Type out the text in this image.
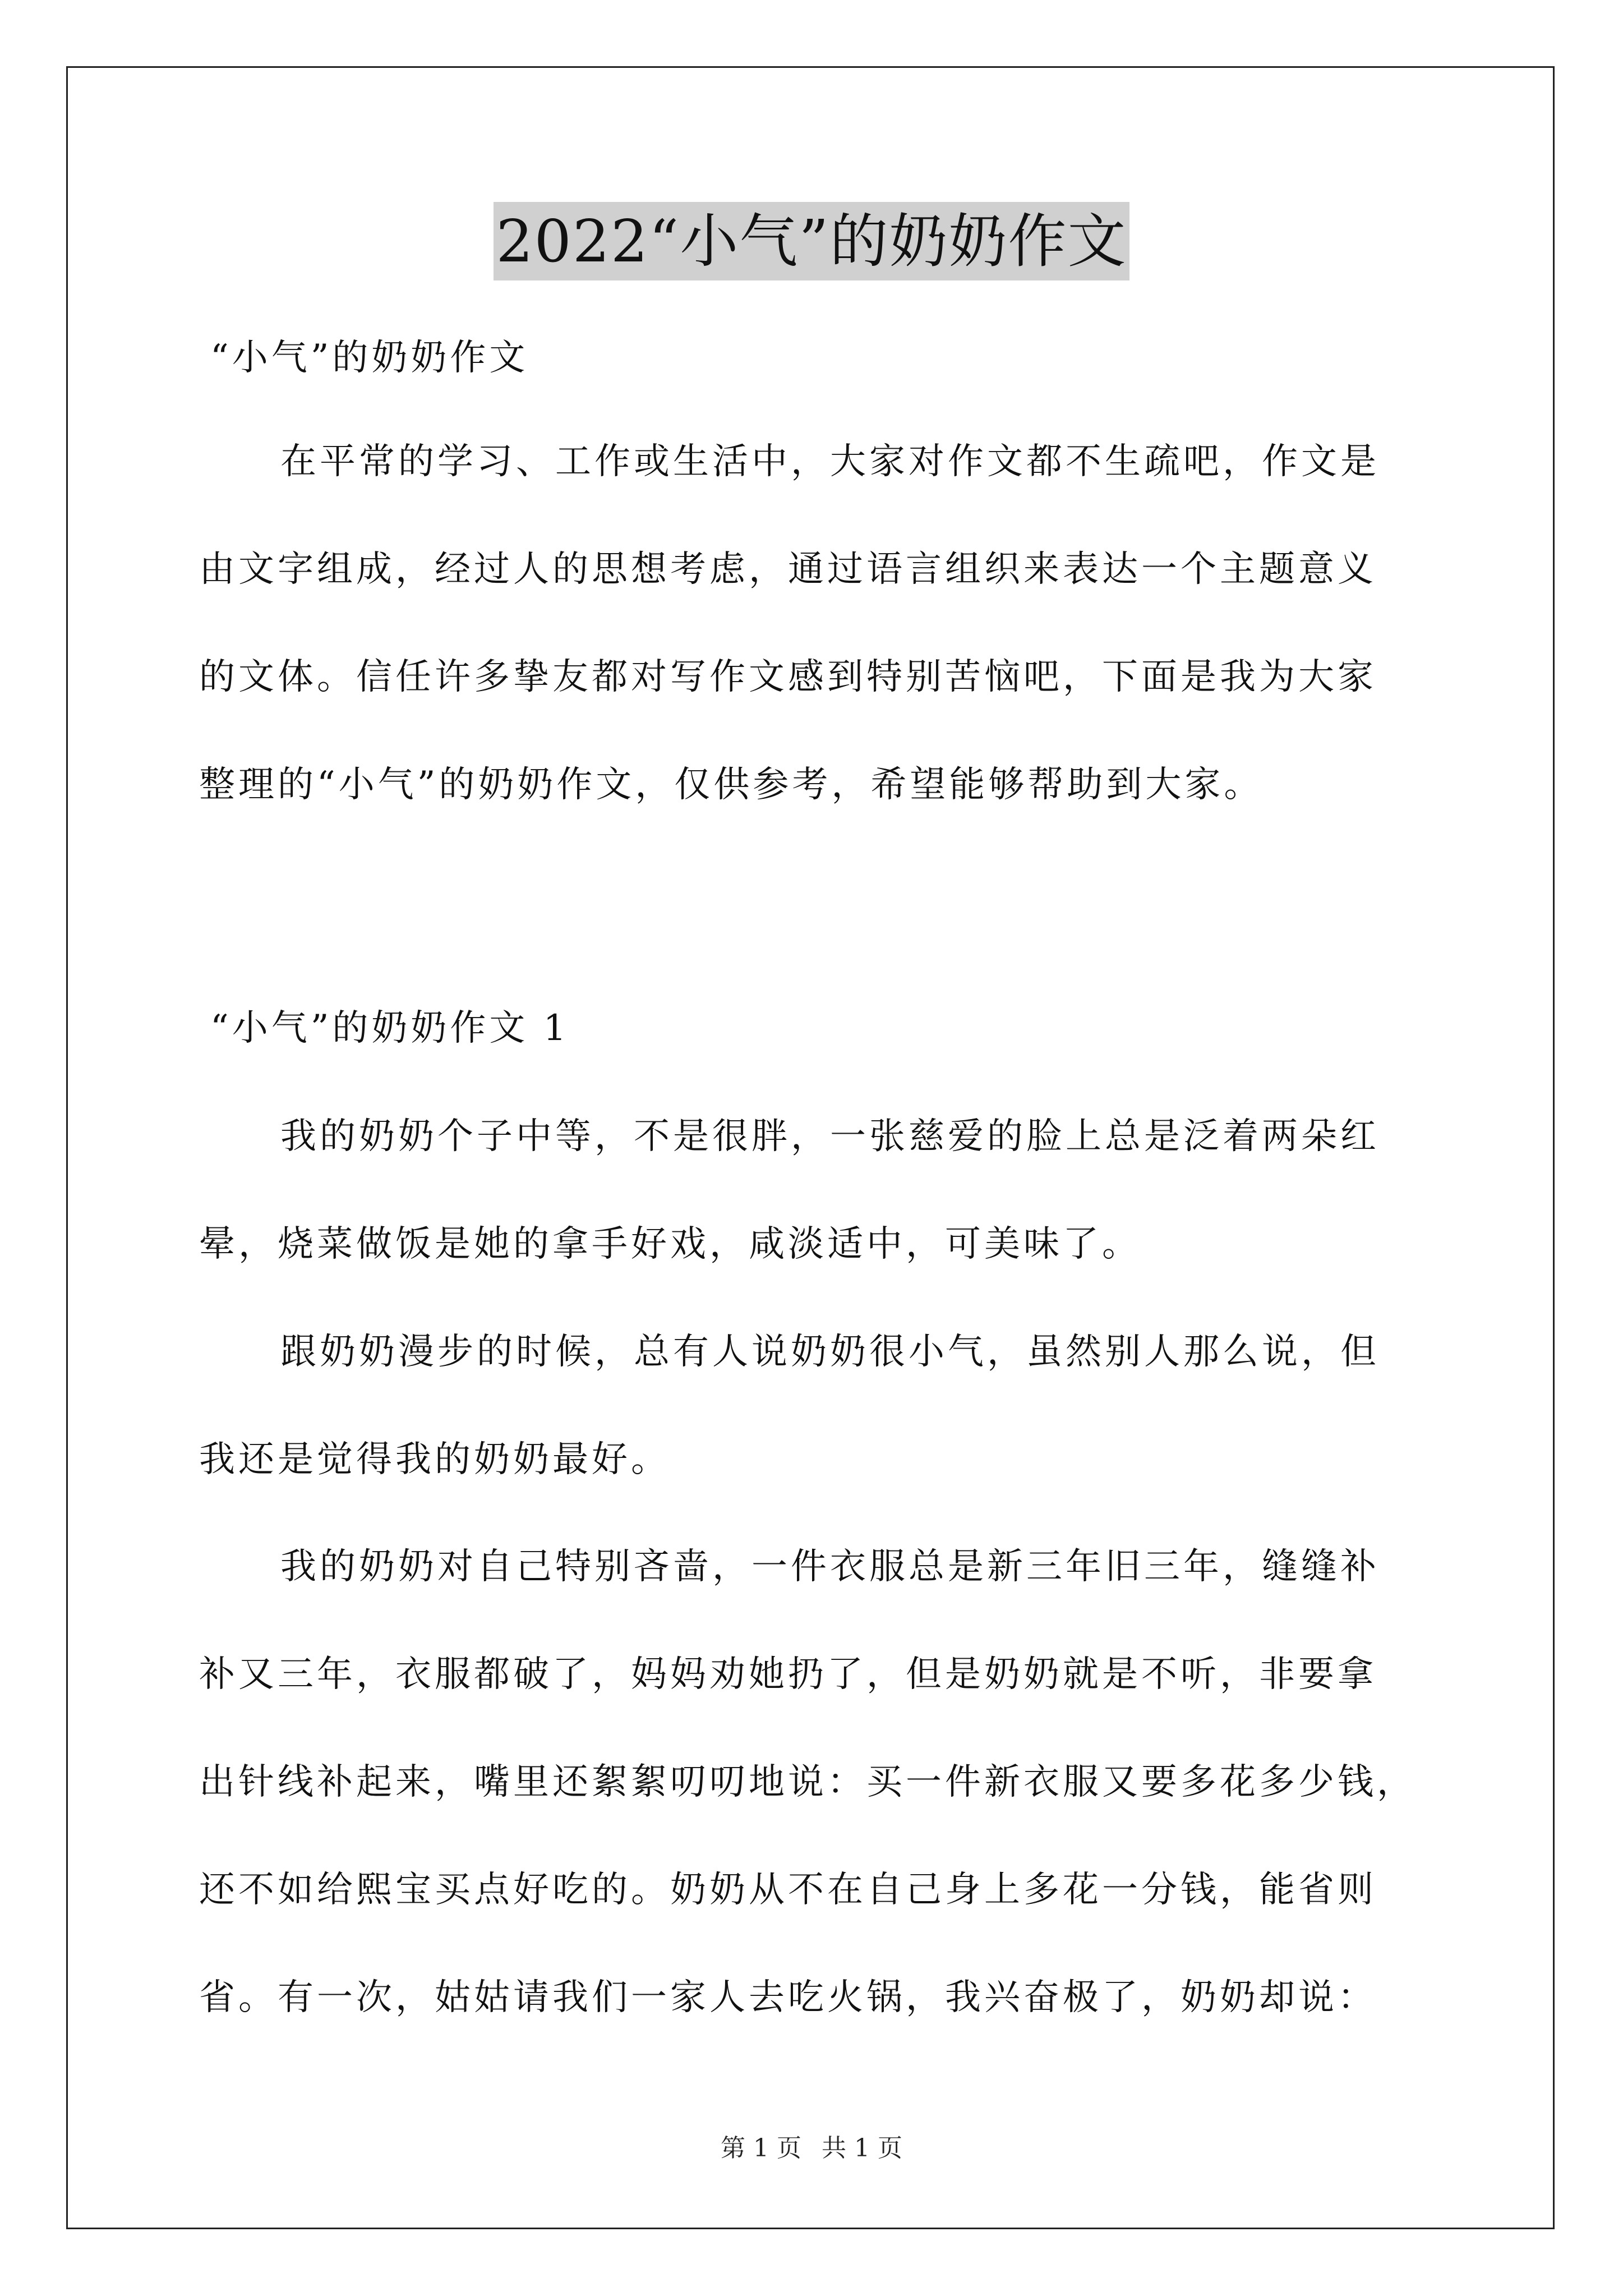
2022“小气”的奶奶作文
“小气”的奶奶作文
在平常的学习、工作或生活中，大家对作文都不生疏吧，作文是
由文字组成，经过人的思想考虑，通过语言组织来表达一个主题意义
的文体。信任许多挚友都对写作文感到特别苦恼吧，下面是我为大家
整理的“小气”的奶奶作文，仅供参考，希望能够帮助到大家。
“小气”的奶奶作文 1
我的奶奶个子中等，不是很胖，一张慈爱的脸上总是泛着两朵红
晕，烧菜做饭是她的拿手好戏，咸淡适中，可美味了。
跟奶奶漫步的时候，总有人说奶奶很小气，虽然别人那么说，但
我还是觉得我的奶奶最好。
我的奶奶对自己特别吝啬，一件衣服总是新三年旧三年，缝缝补
补又三年，衣服都破了，妈妈劝她扔了，但是奶奶就是不听，非要拿
出针线补起来，嘴里还絮絮叨叨地说：买一件新衣服又要多花多少钱，
还不如给熙宝买点好吃的。奶奶从不在自己身上多花一分钱，能省则
省。有一次，姑姑请我们一家人去吃火锅，我兴奋极了，奶奶却说：
第 1 页 共 1 页
